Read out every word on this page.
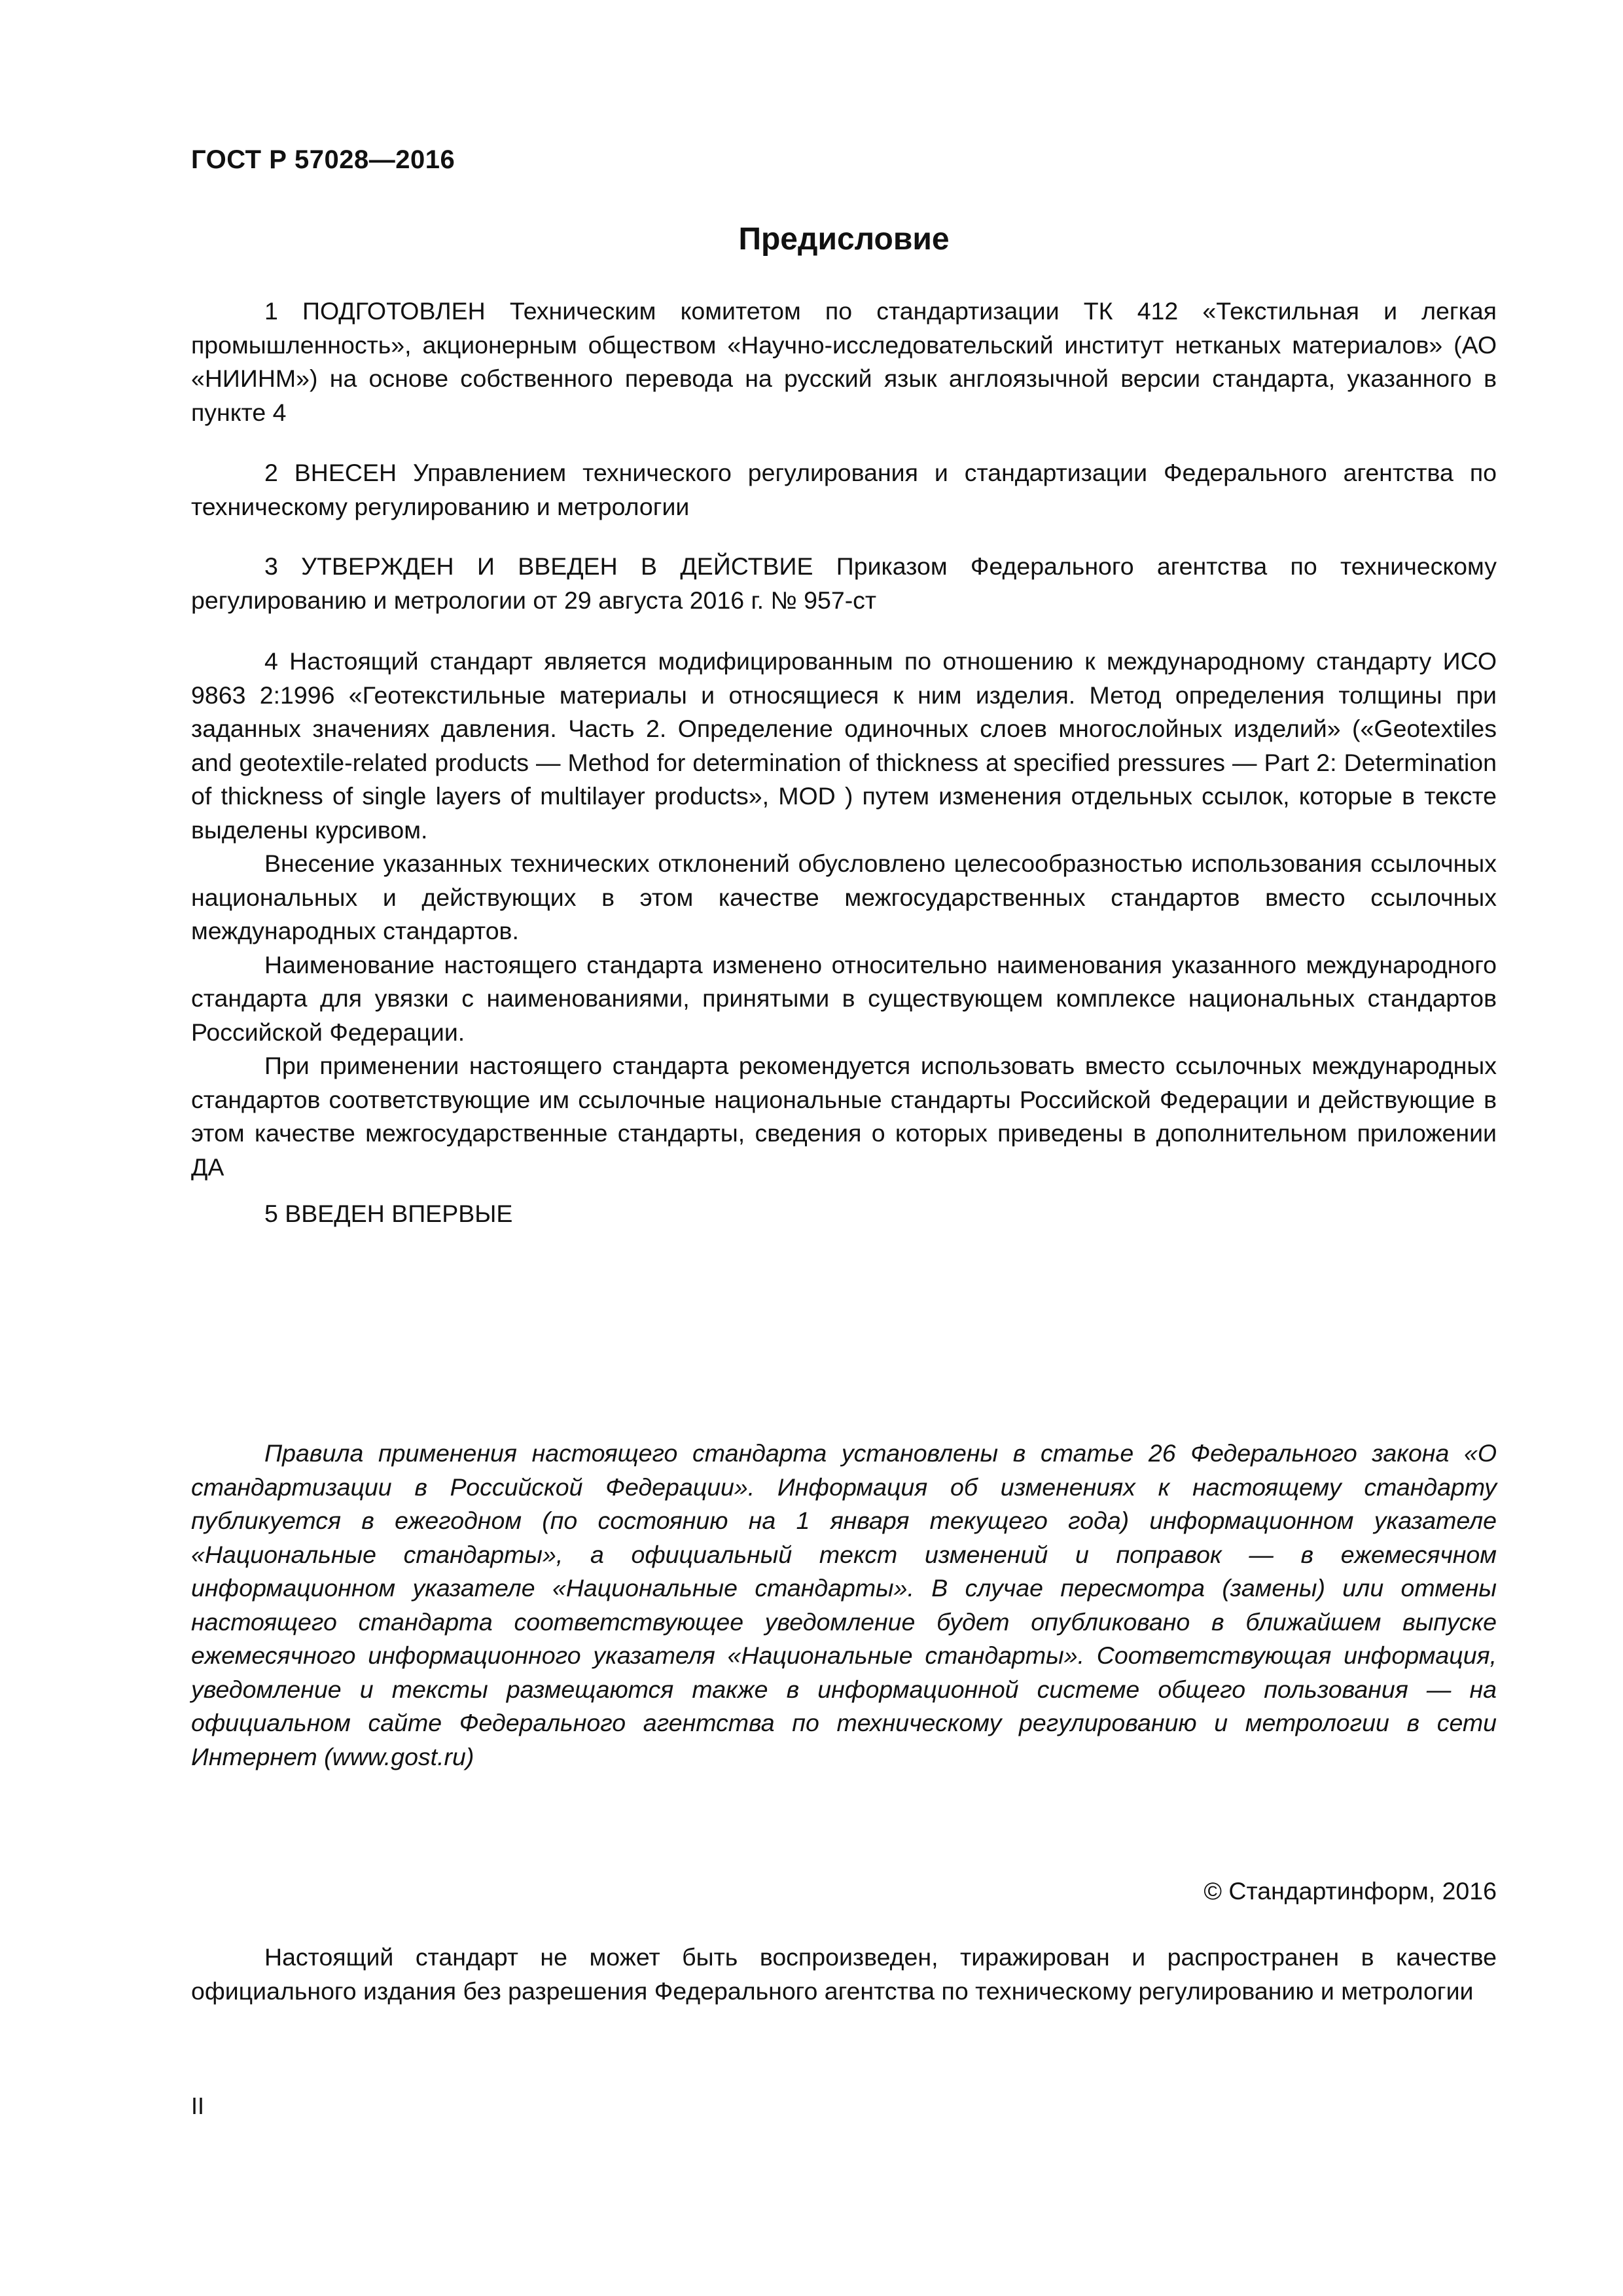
ГОСТ Р 57028—2016
Предисловие

1 ПОДГОТОВЛЕН Техническим комитетом по стандартизации ТК 412 «Текстильная и легкая промышленность», акционерным обществом «Научно-исследовательский институт нетканых материалов» (АО «НИИНМ») на основе собственного перевода на русский язык англоязычной версии стандарта, указанного в пункте 4

2 ВНЕСЕН Управлением технического регулирования и стандартизации Федерального агентства по техническому регулированию и метрологии

3 УТВЕРЖДЕН И ВВЕДЕН В ДЕЙСТВИЕ Приказом Федерального агентства по техническому регулированию и метрологии от 29 августа 2016 г. № 957-ст

4 Настоящий стандарт является модифицированным по отношению к международному стандарту ИСО 9863 2:1996 «Геотекстильные материалы и относящиеся к ним изделия. Метод определения толщины при заданных значениях давления. Часть 2. Определение одиночных слоев многослойных изделий» («Geotextiles and geotextile-related products — Method for determination of thickness at specified pressures — Part 2: Determination of thickness of single layers of multilayer products», MOD ) путем изменения отдельных ссылок, которые в тексте выделены курсивом.

Внесение указанных технических отклонений обусловлено целесообразностью использования ссылочных национальных и действующих в этом качестве межгосударственных стандартов вместо ссылочных международных стандартов.

Наименование настоящего стандарта изменено относительно наименования указанного международного стандарта для увязки с наименованиями, принятыми в существующем комплексе национальных стандартов Российской Федерации.

При применении настоящего стандарта рекомендуется использовать вместо ссылочных международных стандартов соответствующие им ссылочные национальные стандарты Российской Федерации и действующие в этом качестве межгосударственные стандарты, сведения о которых приведены в дополнительном приложении ДА

5 ВВЕДЕН ВПЕРВЫЕ

Правила применения настоящего стандарта установлены в статье 26 Федерального закона «О стандартизации в Российской Федерации». Информация об изменениях к настоящему стандарту публикуется в ежегодном (по состоянию на 1 января текущего года) информационном указателе «Национальные стандарты», а официальный текст изменений и поправок — в ежемесячном информационном указателе «Национальные стандарты». В случае пересмотра (замены) или отмены настоящего стандарта соответствующее уведомление будет опубликовано в ближайшем выпуске ежемесячного информационного указателя «Национальные стандарты». Соответствующая информация, уведомление и тексты размещаются также в информационной системе общего пользования — на официальном сайте Федерального агентства по техническому регулированию и метрологии в сети Интернет (www.gost.ru)

© Стандартинформ, 2016

Настоящий стандарт не может быть воспроизведен, тиражирован и распространен в качестве официального издания без разрешения Федерального агентства по техническому регулированию и метрологии

II
